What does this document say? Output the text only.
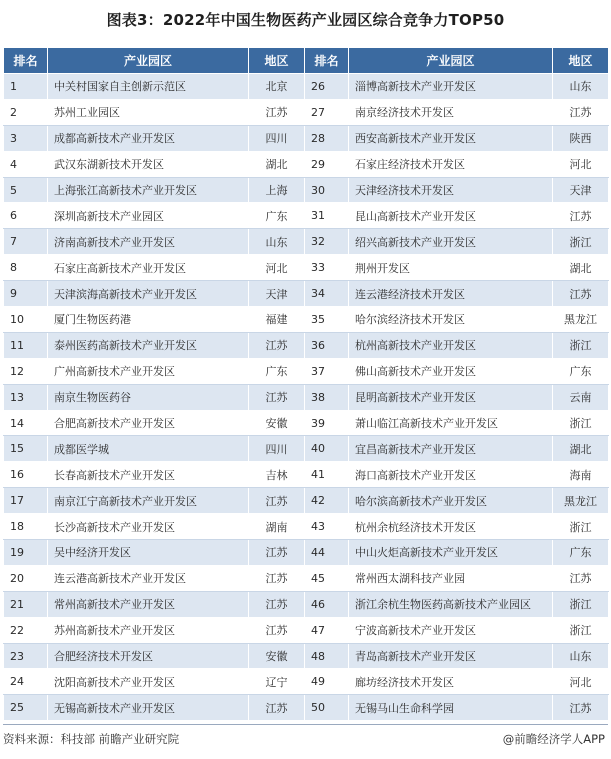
图表3：2022年中国生物医药产业园区综合竞争力TOP50
排名	产业园区	地区	排名	产业园区	地区
1	中关村国家自主创新示范区	北京	26	淄博高新技术产业开发区	山东
2	苏州工业园区	江苏	27	南京经济技术开发区	江苏
3	成都高新技术产业开发区	四川	28	西安高新技术产业开发区	陕西
4	武汉东湖新技术开发区	湖北	29	石家庄经济技术开发区	河北
5	上海张江高新技术产业开发区	上海	30	天津经济技术开发区	天津
6	深圳高新技术产业园区	广东	31	昆山高新技术产业开发区	江苏
7	济南高新技术产业开发区	山东	32	绍兴高新技术产业开发区	浙江
8	石家庄高新技术产业开发区	河北	33	荆州开发区	湖北
9	天津滨海高新技术产业开发区	天津	34	连云港经济技术开发区	江苏
10	厦门生物医药港	福建	35	哈尔滨经济技术开发区	黑龙江
11	泰州医药高新技术产业开发区	江苏	36	杭州高新技术产业开发区	浙江
12	广州高新技术产业开发区	广东	37	佛山高新技术产业开发区	广东
13	南京生物医药谷	江苏	38	昆明高新技术产业开发区	云南
14	合肥高新技术产业开发区	安徽	39	萧山临江高新技术产业开发区	浙江
15	成都医学城	四川	40	宜昌高新技术产业开发区	湖北
16	长春高新技术产业开发区	吉林	41	海口高新技术产业开发区	海南
17	南京江宁高新技术产业开发区	江苏	42	哈尔滨高新技术产业开发区	黑龙江
18	长沙高新技术产业开发区	湖南	43	杭州余杭经济技术开发区	浙江
19	吴中经济开发区	江苏	44	中山火炬高新技术产业开发区	广东
20	连云港高新技术产业开发区	江苏	45	常州西太湖科技产业园	江苏
21	常州高新技术产业开发区	江苏	46	浙江余杭生物医药高新技术产业园区	浙江
22	苏州高新技术产业开发区	江苏	47	宁波高新技术产业开发区	浙江
23	合肥经济技术开发区	安徽	48	青岛高新技术产业开发区	山东
24	沈阳高新技术产业开发区	辽宁	49	廊坊经济技术开发区	河北
25	无锡高新技术产业开发区	江苏	50	无锡马山生命科学园	江苏
资料来源：科技部 前瞻产业研究院	@前瞻经济学人APP
